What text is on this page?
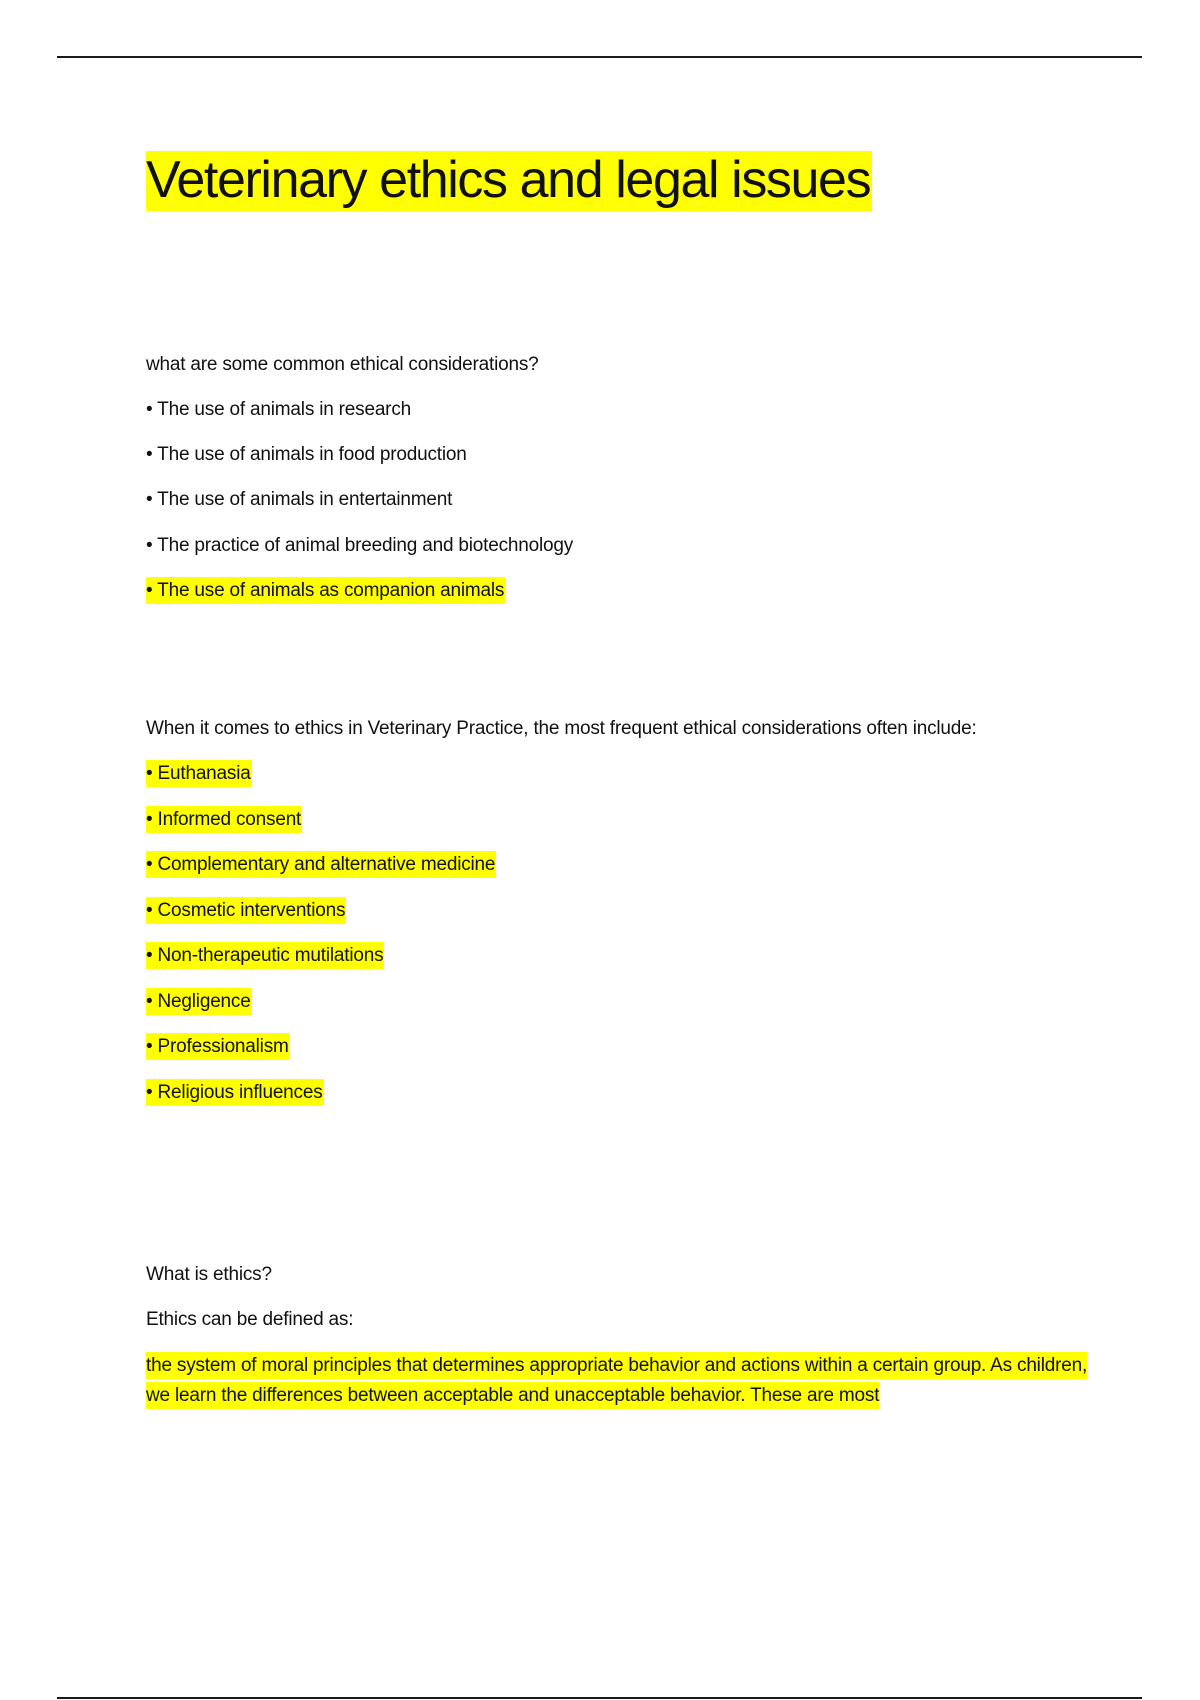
Veterinary ethics and legal issues
what are some common ethical considerations?
• The use of animals in research
• The use of animals in food production
• The use of animals in entertainment
• The practice of animal breeding and biotechnology
• The use of animals as companion animals
When it comes to ethics in Veterinary Practice, the most frequent ethical considerations often include:
• Euthanasia
• Informed consent
• Complementary and alternative medicine
• Cosmetic interventions
• Non-therapeutic mutilations
• Negligence
• Professionalism
• Religious influences
What is ethics?
Ethics can be defined as:
the system of moral principles that determines appropriate behavior and actions within a certain group. As children, we learn the differences between acceptable and unacceptable behavior. These are most
